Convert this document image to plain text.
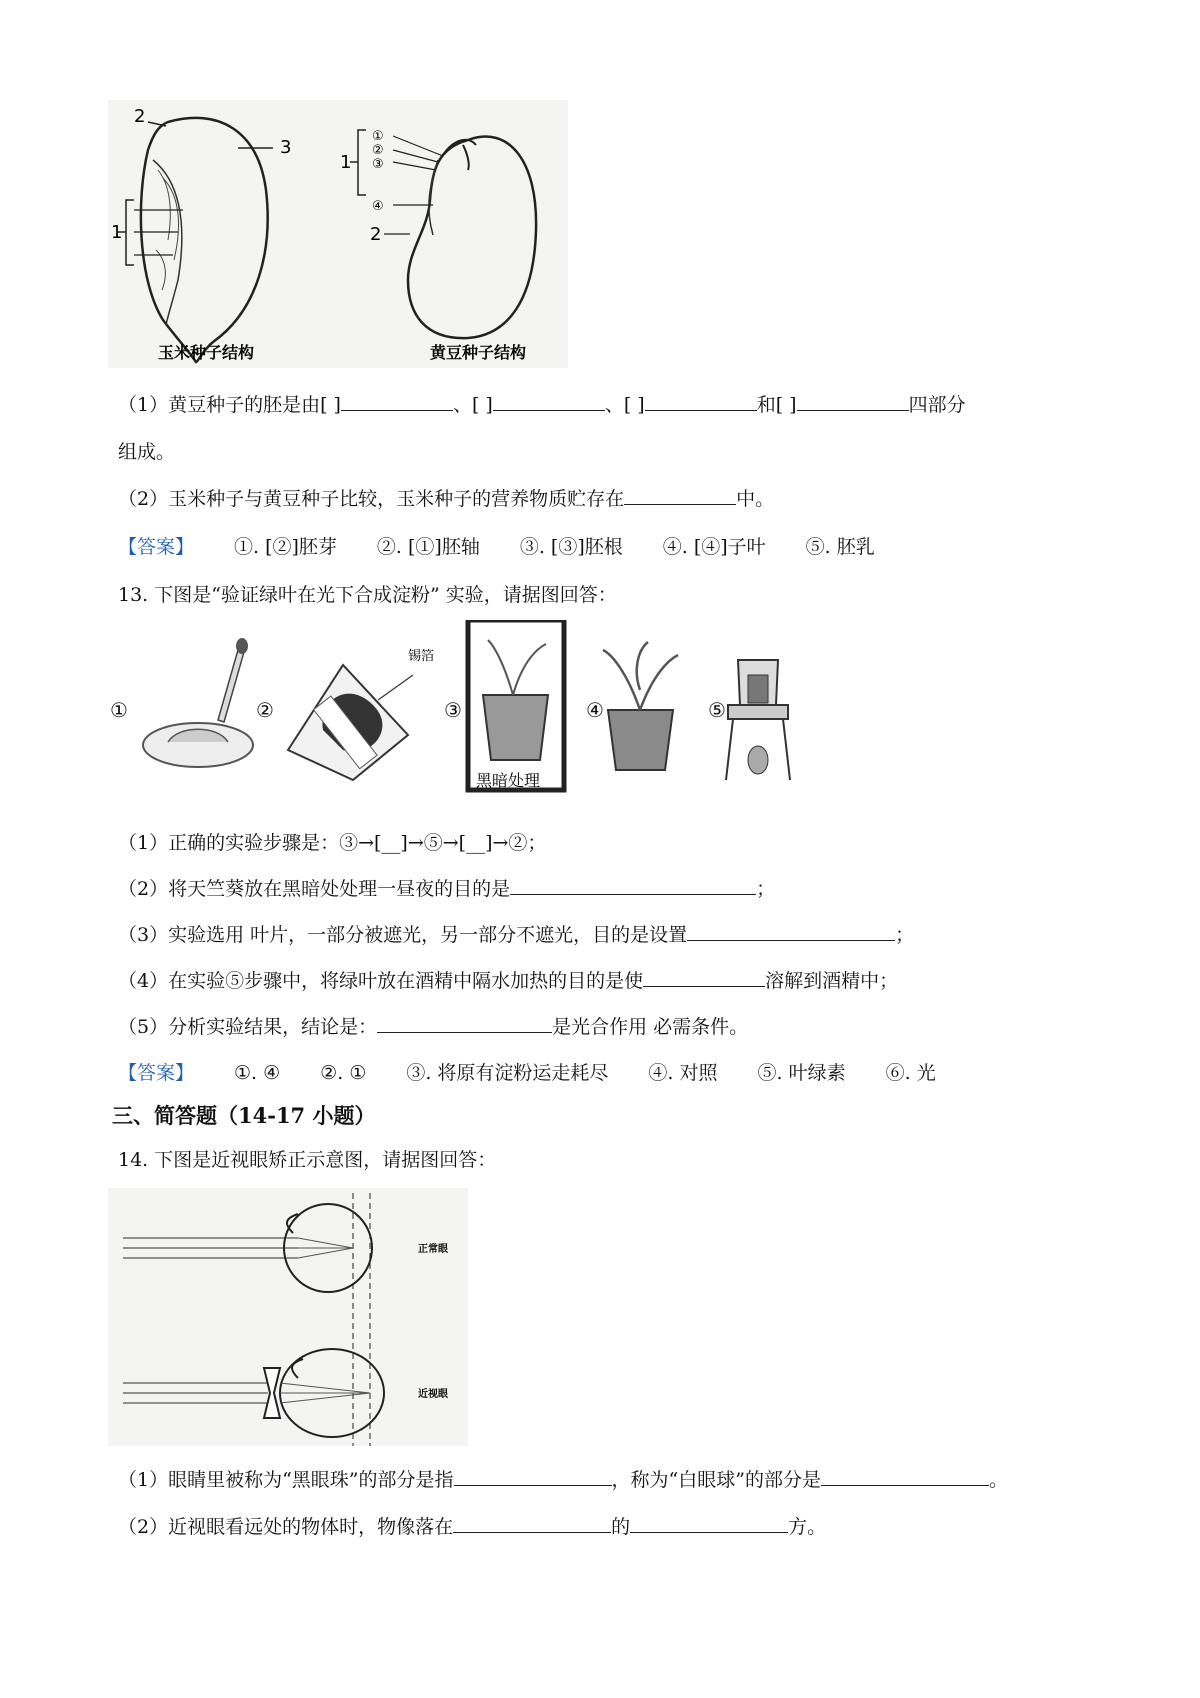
1
2
3
1
2
①
②
③
④
玉米种子结构	黄豆种子结构
（1）黄豆种子的胚是由[ ]	、[ ]	、[ ]	和[ ]	四部分
组成。
（2）玉米种子与黄豆种子比较，玉米种子的营养物质贮存在	中。
【答案】 ①. [②]胚芽 ②. [①]胚轴 ③. [③]胚根 ④. [④]子叶 ⑤. 胚乳
13. 下图是“验证绿叶在光下合成淀粉” 实验，请据图回答：
①	②	③	④	⑤
锡箔
黑暗处理
（1）正确的实验步骤是：③→[__]→⑤→[__]→②；
（2）将天竺葵放在黑暗处处理一昼夜的目的是	；
（3）实验选用 叶片，一部分被遮光，另一部分不遮光，目的是设置	；
（4）在实验⑤步骤中，将绿叶放在酒精中隔水加热的目的是使	溶解到酒精中；
（5）分析实验结果，结论是：	是光合作用 必需条件。
【答案】 ①. ④ ②. ① ③. 将原有淀粉运走耗尽 ④. 对照 ⑤. 叶绿素 ⑥. 光
三、简答题（14-17 小题）
14. 下图是近视眼矫正示意图，请据图回答：
正常眼
近视眼
（1）眼睛里被称为“黑眼珠”的部分是指	，称为“白眼球”的部分是	。
（2）近视眼看远处的物体时，物像落在	的	方。
